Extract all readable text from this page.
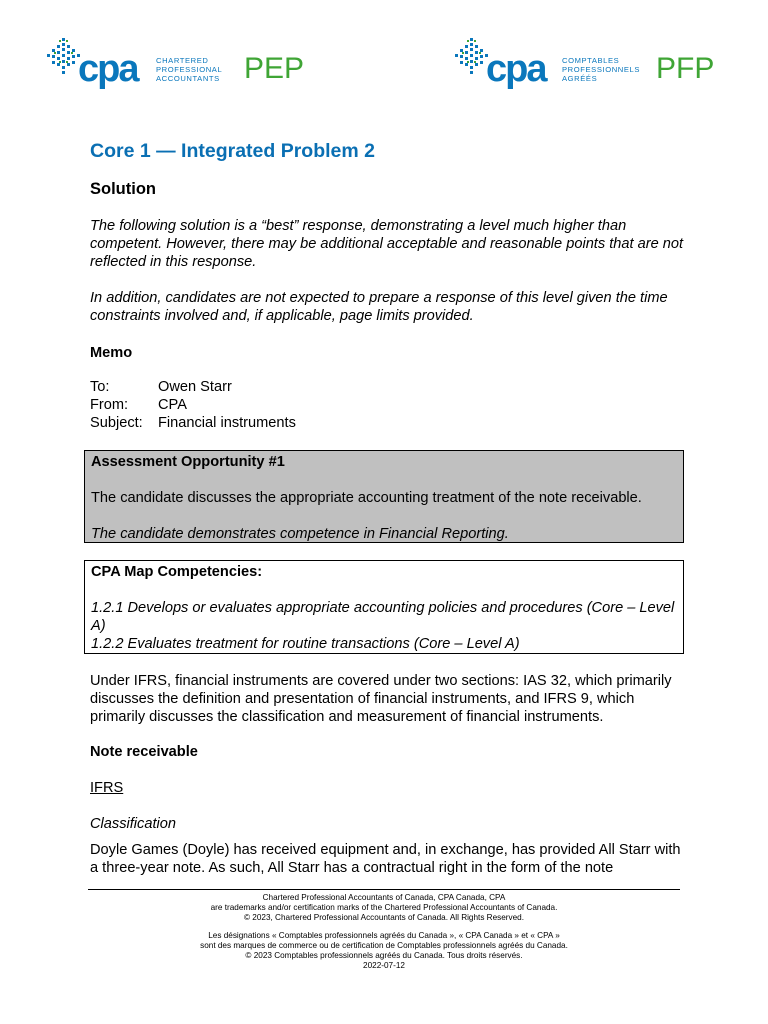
cpa CHARTERED
PROFESSIONAL
ACCOUNTANTS PEP	cpa COMPTABLES
PROFESSIONNELS
AGRÉÉS	PFP
Core 1 — Integrated Problem 2
Solution
The following solution is a “best” response, demonstrating a level much higher than competent. However, there may be additional acceptable and reasonable points that are not reflected in this response.
In addition, candidates are not expected to prepare a response of this level given the time constraints involved and, if applicable, page limits provided.
Memo
To:	Owen Starr
From: CPA
Subject: Financial instruments

Assessment Opportunity #1

The candidate discusses the appropriate accounting treatment of the note receivable.

The candidate demonstrates competence in Financial Reporting.

CPA Map Competencies:

1.2.1 Develops or evaluates appropriate accounting policies and procedures (Core – Level A)

1.2.2 Evaluates treatment for routine transactions (Core – Level A)

Under IFRS, financial instruments are covered under two sections: IAS 32, which primarily discusses the definition and presentation of financial instruments, and IFRS 9, which primarily discusses the classification and measurement of financial instruments.
Note receivable
IFRS
Classification
Doyle Games (Doyle) has received equipment and, in exchange, has provided All Starr with a three-year note. As such, All Starr has a contractual right in the form of the note
Chartered Professional Accountants of Canada, CPA Canada, CPA
are trademarks and/or certification marks of the Chartered Professional Accountants of Canada.
© 2023, Chartered Professional Accountants of Canada. All Rights Reserved.
Les désignations « Comptables professionnels agréés du Canada », « CPA Canada » et « CPA »
sont des marques de commerce ou de certification de Comptables professionnels agréés du Canada.
© 2023 Comptables professionnels agréés du Canada. Tous droits réservés.
2022-07-12
